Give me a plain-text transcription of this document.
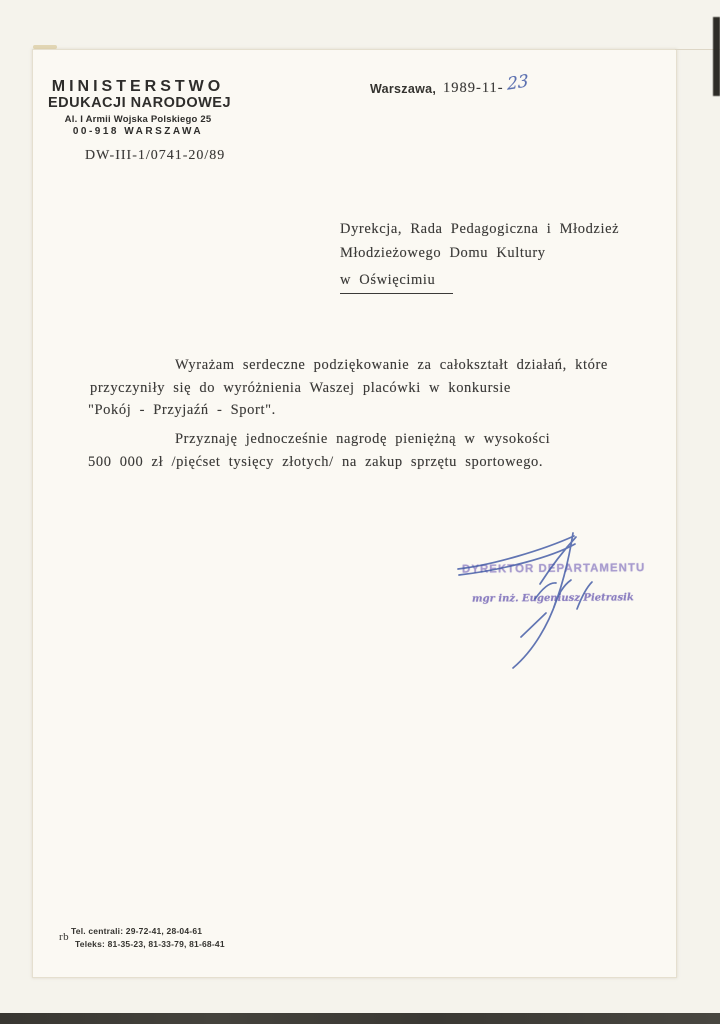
MINISTERSTWO
EDUKACJI NARODOWEJ
Al. I Armii Wojska Polskiego 25
00-918 WARSZAWA
DW-III-1/0741-20/89
Warszawa, 1989-11- 23
Dyrekcja, Rada Pedagogiczna i Młodzież
Młodzieżowego Domu Kultury
w Oświęcimiu
Wyrażam serdeczne podziękowanie za całokształt działań, które
przyczyniły się do wyróżnienia Waszej placówki w konkursie
"Pokój - Przyjaźń - Sport".
Przyznaję jednocześnie nagrodę pieniężną w wysokości
500 000 zł /pięćset tysięcy złotych/ na zakup sprzętu sportowego.
DYREKTOR DEPARTAMENTU
mgr inż. Eugeniusz Pietrasik
rb Tel. centrali: 29-72-41, 28-04-61
Teleks: 81-35-23, 81-33-79, 81-68-41
